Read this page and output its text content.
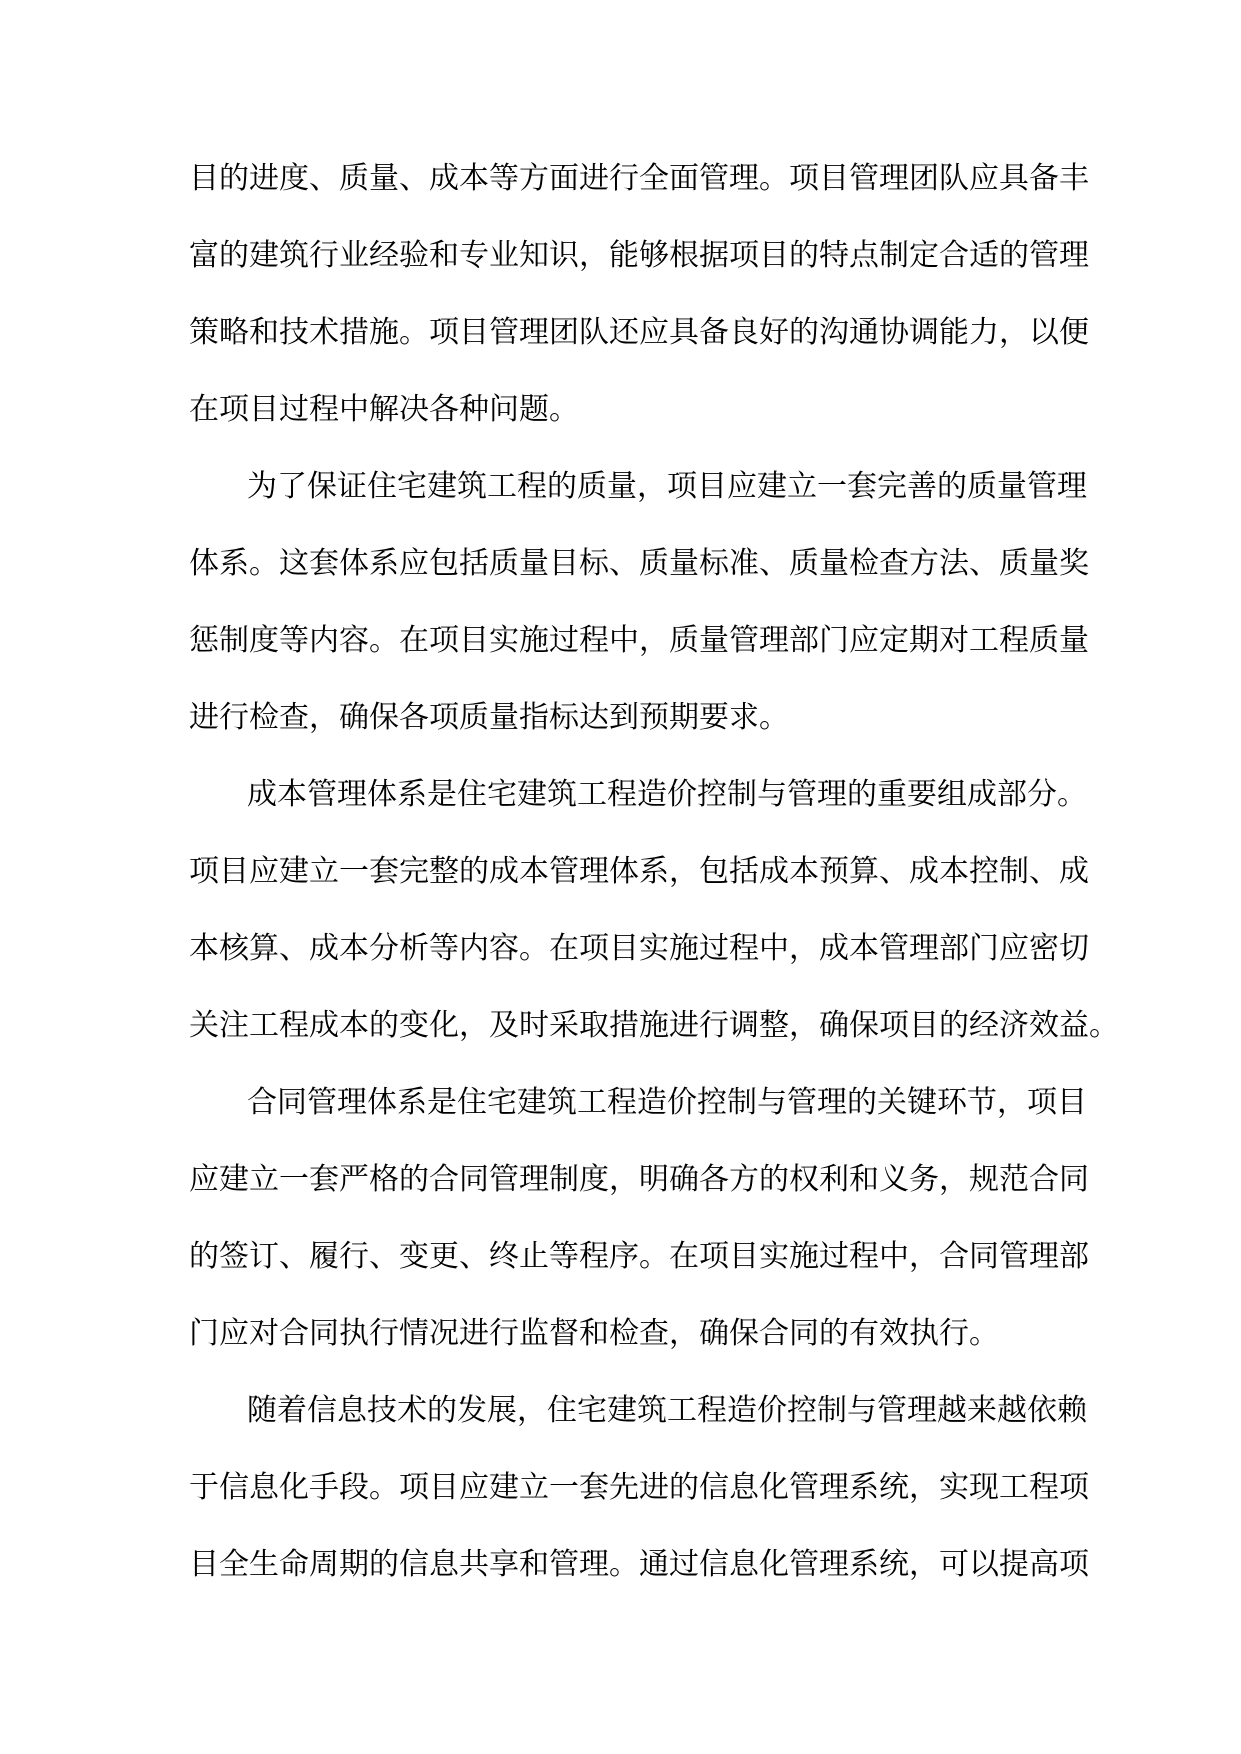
目的进度、质量、成本等方面进行全面管理。项目管理团队应具备丰
富的建筑行业经验和专业知识，能够根据项目的特点制定合适的管理
策略和技术措施。项目管理团队还应具备良好的沟通协调能力，以便
在项目过程中解决各种问题。
为了保证住宅建筑工程的质量，项目应建立一套完善的质量管理
体系。这套体系应包括质量目标、质量标准、质量检查方法、质量奖
惩制度等内容。在项目实施过程中，质量管理部门应定期对工程质量
进行检查，确保各项质量指标达到预期要求。
成本管理体系是住宅建筑工程造价控制与管理的重要组成部分。
项目应建立一套完整的成本管理体系，包括成本预算、成本控制、成
本核算、成本分析等内容。在项目实施过程中，成本管理部门应密切
关注工程成本的变化，及时采取措施进行调整，确保项目的经济效益。
合同管理体系是住宅建筑工程造价控制与管理的关键环节，项目
应建立一套严格的合同管理制度，明确各方的权利和义务，规范合同
的签订、履行、变更、终止等程序。在项目实施过程中，合同管理部
门应对合同执行情况进行监督和检查，确保合同的有效执行。
随着信息技术的发展，住宅建筑工程造价控制与管理越来越依赖
于信息化手段。项目应建立一套先进的信息化管理系统，实现工程项
目全生命周期的信息共享和管理。通过信息化管理系统，可以提高项
